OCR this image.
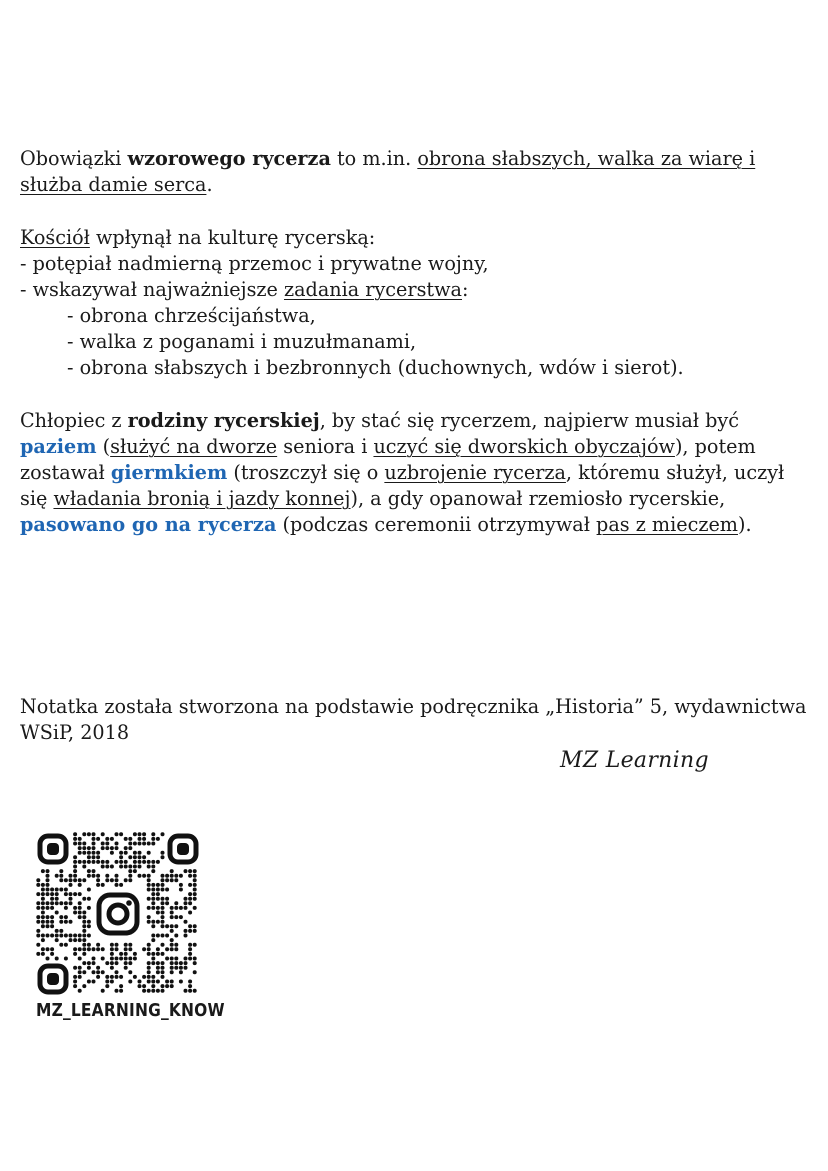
Obowiązki wzorowego rycerza to m.in. obrona słabszych, walka za wiarę i służba damie serca.

Kościół wpłynął na kulturę rycerską:

- potępiał nadmierną przemoc i prywatne wojny,

- wskazywał najważniejsze zadania rycerstwa:

- obrona chrześcijaństwa,

- walka z poganami i muzułmanami,

- obrona słabszych i bezbronnych (duchownych, wdów i sierot).

Chłopiec z rodziny rycerskiej, by stać się rycerzem, najpierw musiał być paziem (służyć na dworze seniora i uczyć się dworskich obyczajów), potem zostawał giermkiem (troszczył się o uzbrojenie rycerza, któremu służył, uczył się władania bronią i jazdy konnej), a gdy opanował rzemiosło rycerskie, pasowano go na rycerza (podczas ceremonii otrzymywał pas z mieczem).

Notatka została stworzona na podstawie podręcznika „Historia” 5, wydawnictwa WSiP, 2018
MZ Learning
MZ_LEARNING_KNOW
